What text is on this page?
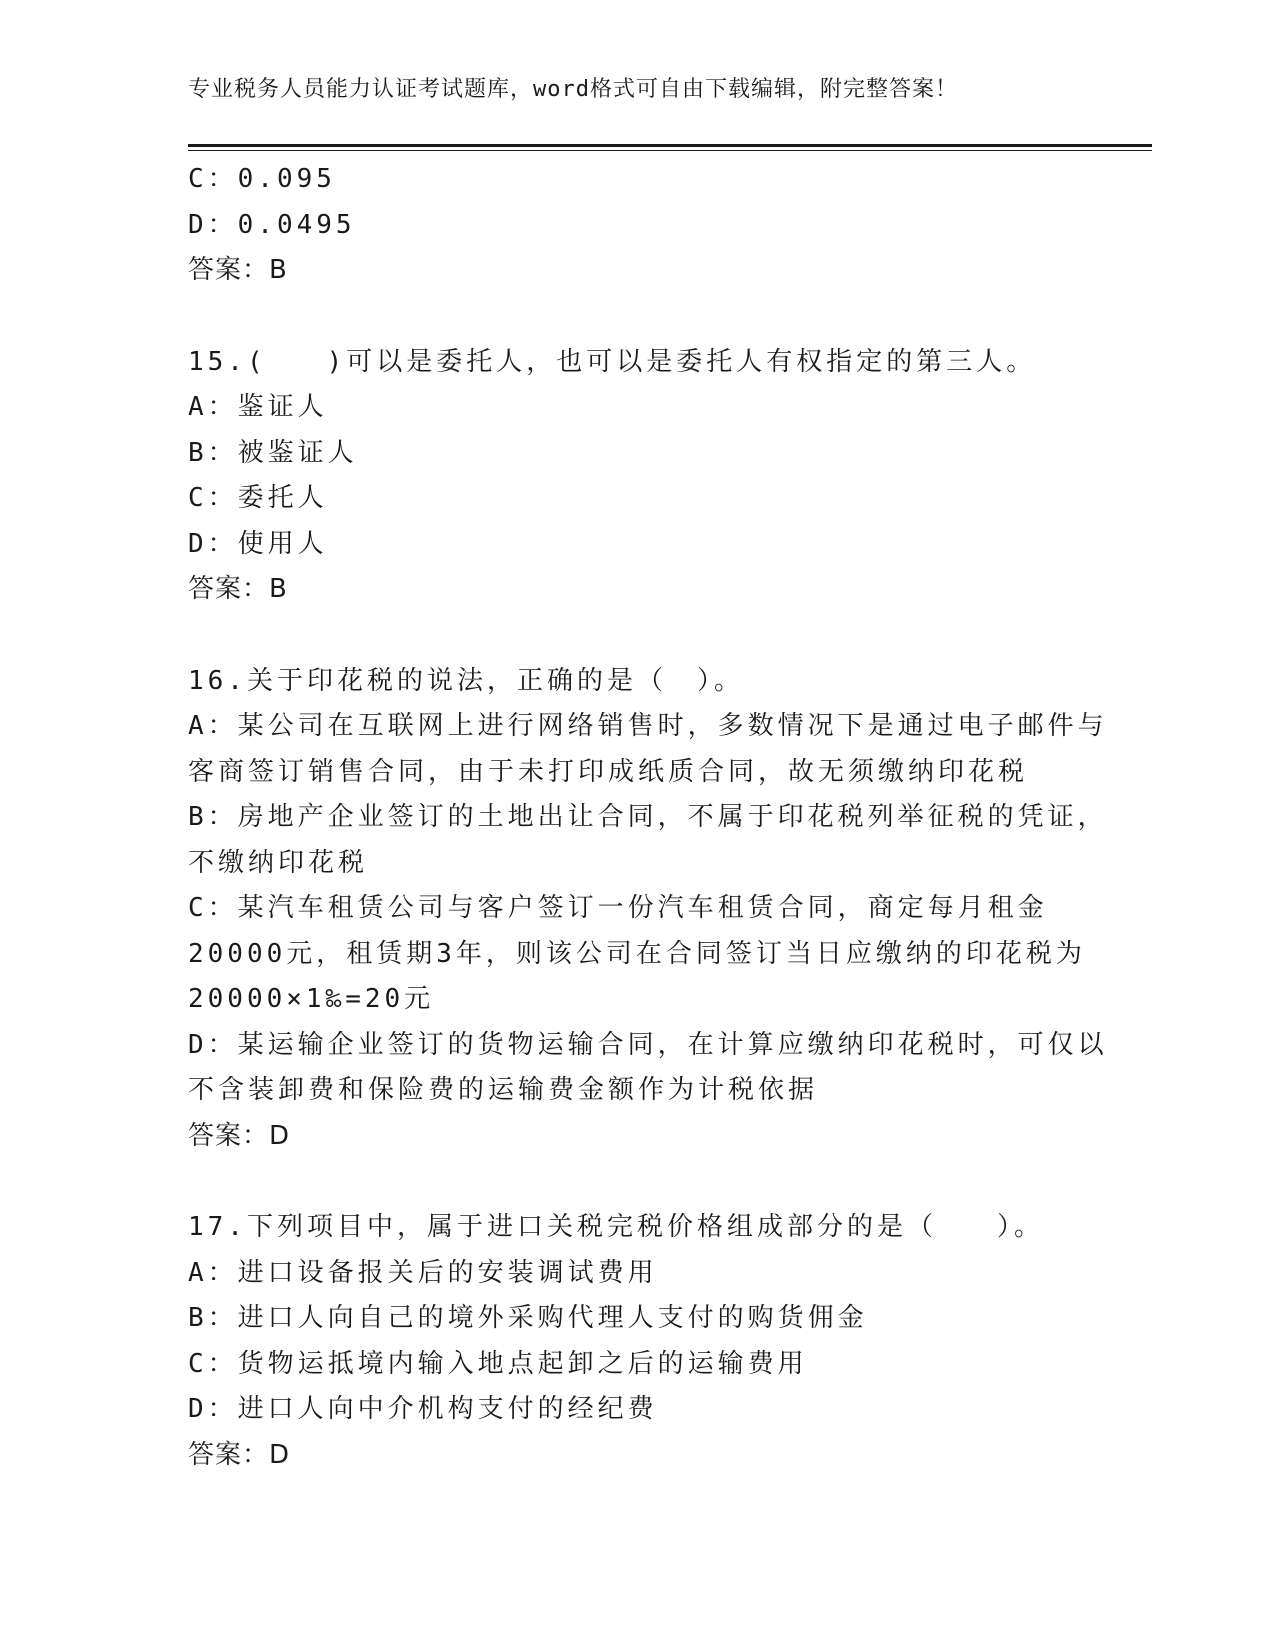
专业税务人员能力认证考试题库，word格式可自由下载编辑，附完整答案！
C：0.095
D：0.0495
答案：B
15.(　　)可以是委托人，也可以是委托人有权指定的第三人。
A：鉴证人
B：被鉴证人
C：委托人
D：使用人
答案：B
16.关于印花税的说法，正确的是（　）。
A：某公司在互联网上进行网络销售时，多数情况下是通过电子邮件与
客商签订销售合同，由于未打印成纸质合同，故无须缴纳印花税
B：房地产企业签订的土地出让合同，不属于印花税列举征税的凭证，
不缴纳印花税
C：某汽车租赁公司与客户签订一份汽车租赁合同，商定每月租金
20000元，租赁期3年，则该公司在合同签订当日应缴纳的印花税为
20000×1‰=20元
D：某运输企业签订的货物运输合同，在计算应缴纳印花税时，可仅以
不含装卸费和保险费的运输费金额作为计税依据
答案：D
17.下列项目中，属于进口关税完税价格组成部分的是（　　）。
A：进口设备报关后的安装调试费用
B：进口人向自己的境外采购代理人支付的购货佣金
C：货物运抵境内输入地点起卸之后的运输费用
D：进口人向中介机构支付的经纪费
答案：D
